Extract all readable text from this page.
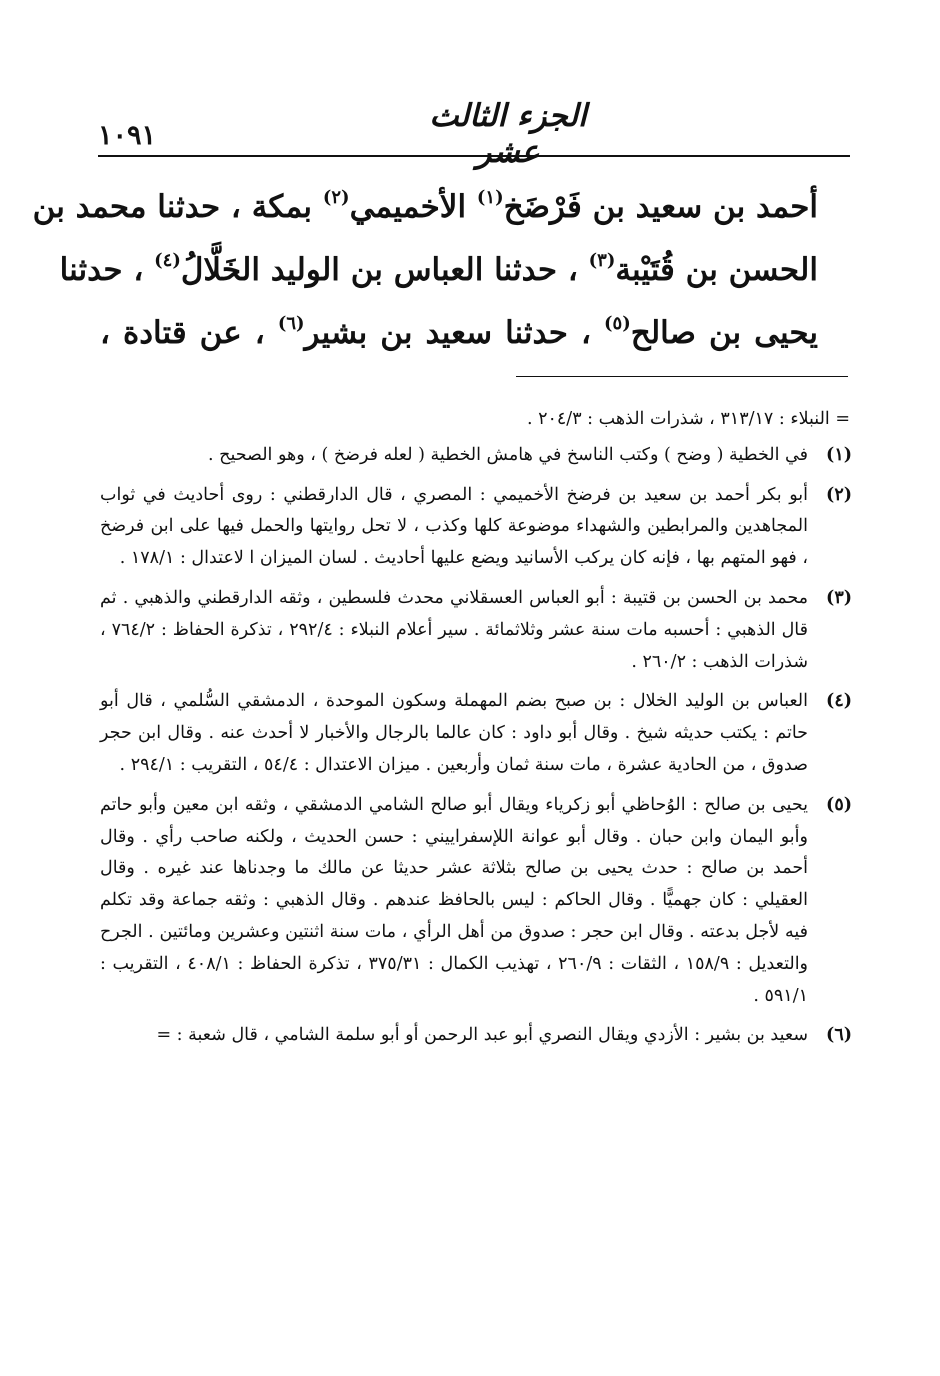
١٠٩١
الجزء الثالث عشر
أحمد بن سعيد بن فَرْضَخ$^{(١)}$ الأخميمي$^{(٢)}$ بمكة ، حدثنا محمد بن
الحسن بن قُتَيْبة$^{(٣)}$ ، حدثنا العباس بن الوليد الخَلَّالُ$^{(٤)}$ ، حدثنا
يحيى بن صالح$^{(٥)}$ ، حدثنا سعيد بن بشير$^{(٦)}$ ، عن قتادة ،
= النبلاء : ٣١٣/١٧ ، شذرات الذهب : ٢٠٤/٣ .
(١)
في الخطية ( وضح ) وكتب الناسخ في هامش الخطية ( لعله فرضخ ) ، وهو الصحيح .
(٢)
أبو بكر أحمد بن سعيد بن فرضخ الأخميمي : المصري ، قال الدارقطني : روى أحاديث في ثواب المجاهدين والمرابطين والشهداء موضوعة كلها وكذب ، لا تحل روايتها والحمل فيها على ابن فرضخ ، فهو المتهم بها ، فإنه كان يركب الأسانيد ويضع عليها أحاديث . لسان الميزان ا لاعتدال : ١٧٨/١ .
(٣)
محمد بن الحسن بن قتيبة : أبو العباس العسقلاني محدث فلسطين ، وثقه الدارقطني والذهبي . ثم قال الذهبي : أحسبه مات سنة عشر وثلاثمائة . سير أعلام النبلاء : ٢٩٢/٤ ، تذكرة الحفاظ : ٧٦٤/٢ ، شذرات الذهب : ٢٦٠/٢ .
(٤)
العباس بن الوليد الخلال : بن صبح بضم المهملة وسكون الموحدة ، الدمشقي السُّلمي ، قال أبو حاتم : يكتب حديثه شيخ . وقال أبو داود : كان عالما بالرجال والأخبار لا أحدث عنه . وقال ابن حجر صدوق ، من الحادية عشرة ، مات سنة ثمان وأربعين . ميزان الاعتدال : ٥٤/٤ ، التقريب : ٢٩٤/١ .
(٥)
يحيى بن صالح : الوُحاظي أبو زكرياء ويقال أبو صالح الشامي الدمشقي ، وثقه ابن معين وأبو حاتم وأبو اليمان وابن حبان . وقال أبو عوانة اللإسفراييني : حسن الحديث ، ولكنه صاحب رأي . وقال أحمد بن صالح : حدث يحيى بن صالح بثلاثة عشر حديثا عن مالك ما وجدناها عند غيره . وقال العقيلي : كان جهميًّا . وقال الحاكم : ليس بالحافظ عندهم . وقال الذهبي : وثقه جماعة وقد تكلم فيه لأجل بدعته . وقال ابن حجر : صدوق من أهل الرأي ، مات سنة اثنتين وعشرين ومائتين . الجرح والتعديل : ١٥٨/٩ ، الثقات : ٢٦٠/٩ ، تهذيب الكمال : ٣٧٥/٣١ ، تذكرة الحفاظ : ٤٠٨/١ ، التقريب : ٥٩١/١ .
(٦)
سعيد بن بشير : الأزدي ويقال النصري أبو عبد الرحمن أو أبو سلمة الشامي ، قال شعبة : =
